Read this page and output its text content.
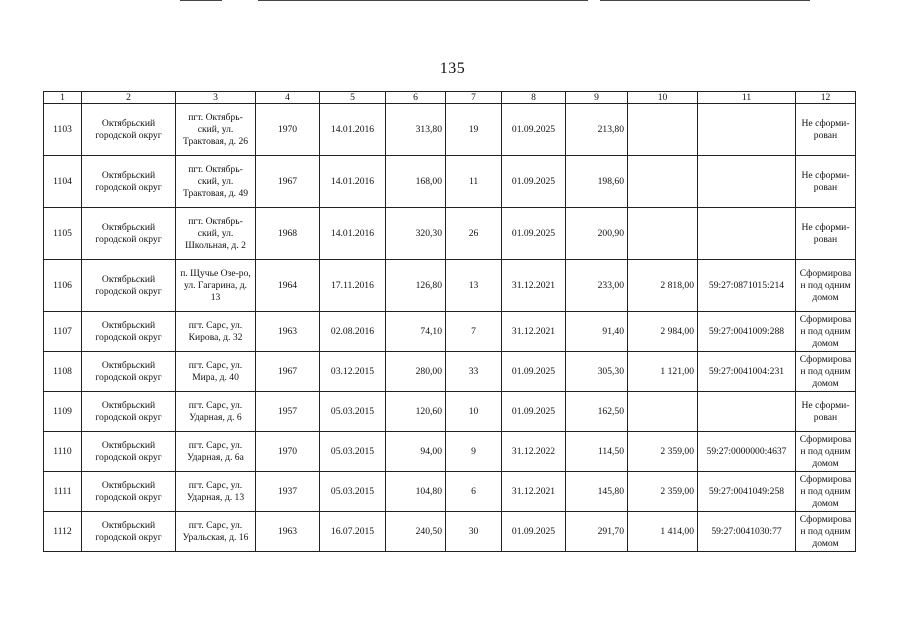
135
1	2	3	4	5	6	7	8	9	10	11	12
1103	Октябрьский городской округ	пгт. Октябрь-ский, ул. Трактовая, д. 26	1970	14.01.2016	313,80	19	01.09.2025	213,80			Не сформи-рован
1104	Октябрьский городской округ	пгт. Октябрь-ский, ул. Трактовая, д. 49	1967	14.01.2016	168,00	11	01.09.2025	198,60			Не сформи-рован
1105	Октябрьский городской округ	пгт. Октябрь-ский, ул. Школьная, д. 2	1968	14.01.2016	320,30	26	01.09.2025	200,90			Не сформи-рован
1106	Октябрьский городской округ	п. Щучье Озе-ро, ул. Гагарина, д. 13	1964	17.11.2016	126,80	13	31.12.2021	233,00	2 818,00	59:27:0871015:214	Сформирован под одним домом
1107	Октябрьский городской округ	пгт. Сарс, ул. Кирова, д. 32	1963	02.08.2016	74,10	7	31.12.2021	91,40	2 984,00	59:27:0041009:288	Сформирован под одним домом
1108	Октябрьский городской округ	пгт. Сарс, ул. Мира, д. 40	1967	03.12.2015	280,00	33	01.09.2025	305,30	1 121,00	59:27:0041004:231	Сформирован под одним домом
1109	Октябрьский городской округ	пгт. Сарс, ул. Ударная, д. 6	1957	05.03.2015	120,60	10	01.09.2025	162,50			Не сформи-рован
1110	Октябрьский городской округ	пгт. Сарс, ул. Ударная, д. 6а	1970	05.03.2015	94,00	9	31.12.2022	114,50	2 359,00	59:27:0000000:4637	Сформирован под одним домом
1111	Октябрьский городской округ	пгт. Сарс, ул. Ударная, д. 13	1937	05.03.2015	104,80	6	31.12.2021	145,80	2 359,00	59:27:0041049:258	Сформирован под одним домом
1112	Октябрьский городской округ	пгт. Сарс, ул. Уральская, д. 16	1963	16.07.2015	240,50	30	01.09.2025	291,70	1 414,00	59:27:0041030:77	Сформирован под одним домом
